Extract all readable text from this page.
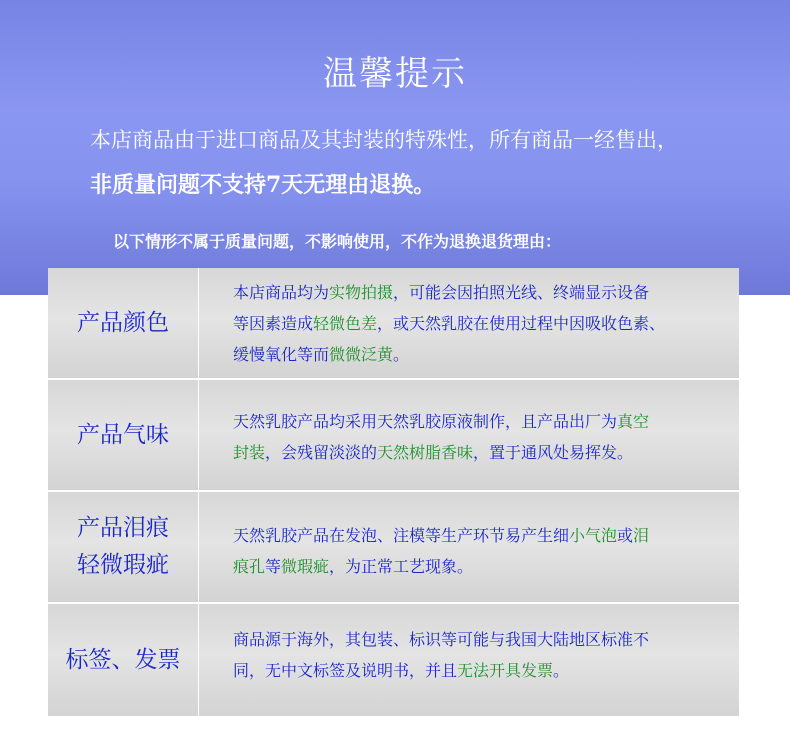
温馨提示
本店商品由于进口商品及其封装的特殊性，所有商品一经售出，
非质量问题不支持7天无理由退换。
以下情形不属于质量问题，不影响使用，不作为退换退货理由：
产品颜色
本店商品均为实物拍摄，可能会因拍照光线、终端显示设备
等因素造成轻微色差，或天然乳胶在使用过程中因吸收色素、
缓慢氧化等而微微泛黄。
产品气味	天然乳胶产品均采用天然乳胶原液制作，且产品出厂为真空
封装，会残留淡淡的天然树脂香味，置于通风处易挥发。
产品泪痕
轻微瑕疵
天然乳胶产品在发泡、注模等生产环节易产生细小气泡或泪
痕孔等微瑕疵，为正常工艺现象。
标签、发票
商品源于海外，其包装、标识等可能与我国大陆地区标准不
同，无中文标签及说明书，并且无法开具发票。
